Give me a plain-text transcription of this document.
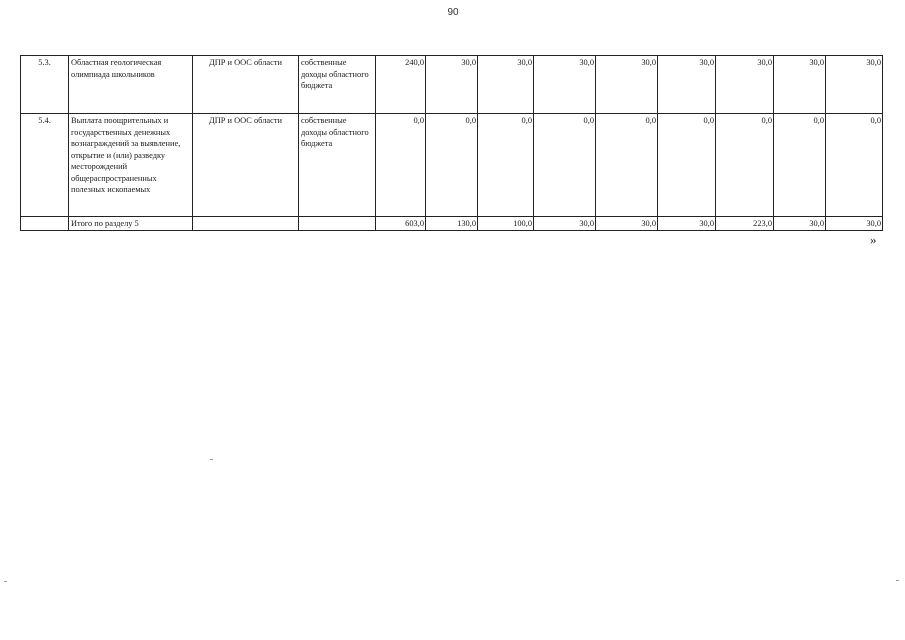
90
5.3.	Областная геологическая олимпиада школьников	ДПР и ООС области	собственные доходы областного бюджета	240,0	30,0	30,0	30,0	30,0	30,0	30,0	30,0	30,0
5.4.	Выплата поощрительных и государственных денежных вознаграждений за выявление, открытие и (или) разведку месторождений общераспространенных полезных ископаемых	ДПР и ООС области	собственные доходы областного бюджета	0,0	0,0	0,0	0,0	0,0	0,0	0,0	0,0	0,0
	Итого по разделу 5			603,0	130,0	100,0	30,0	30,0	30,0	223,0	30,0	30,0
»
